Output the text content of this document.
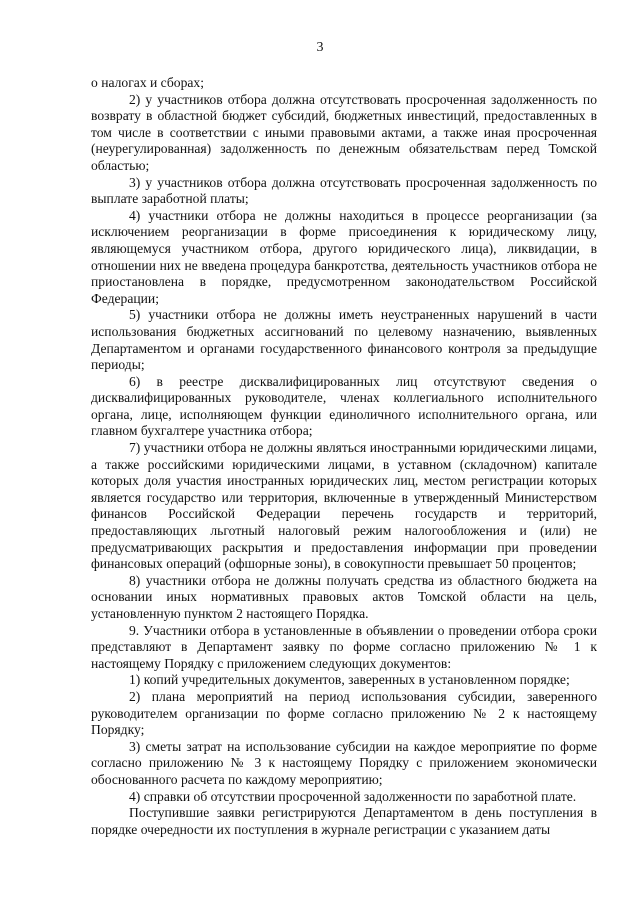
3

о налогах и сборах;

2) у участников отбора должна отсутствовать просроченная задолженность по возврату в областной бюджет субсидий, бюджетных инвестиций, предоставленных в том числе в соответствии с иными правовыми актами, а также иная просроченная (неурегулированная) задолженность по денежным обязательствам перед Томской областью;

3) у участников отбора должна отсутствовать просроченная задолженность по выплате заработной платы;

4) участники отбора не должны находиться в процессе реорганизации (за исключением реорганизации в форме присоединения к юридическому лицу, являющемуся участником отбора, другого юридического лица), ликвидации, в отношении них не введена процедура банкротства, деятельность участников отбора не приостановлена в порядке, предусмотренном законодательством Российской Федерации;

5) участники отбора не должны иметь неустраненных нарушений в части использования бюджетных ассигнований по целевому назначению, выявленных Департаментом и органами государственного финансового контроля за предыдущие периоды;

6) в реестре дисквалифицированных лиц отсутствуют сведения о дисквалифицированных руководителе, членах коллегиального исполнительного органа, лице, исполняющем функции единоличного исполнительного органа, или главном бухгалтере участника отбора;

7) участники отбора не должны являться иностранными юридическими лицами, а также российскими юридическими лицами, в уставном (складочном) капитале которых доля участия иностранных юридических лиц, местом регистрации которых является государство или территория, включенные в утвержденный Министерством финансов Российской Федерации перечень государств и территорий, предоставляющих льготный налоговый режим налогообложения и (или) не предусматривающих раскрытия и предоставления информации при проведении финансовых операций (офшорные зоны), в совокупности превышает 50 процентов;

8) участники отбора не должны получать средства из областного бюджета на основании иных нормативных правовых актов Томской области на цель, установленную пунктом 2 настоящего Порядка.

9. Участники отбора в установленные в объявлении о проведении отбора сроки представляют в Департамент заявку по форме согласно приложению № 1 к настоящему Порядку с приложением следующих документов:

1) копий учредительных документов, заверенных в установленном порядке;

2) плана мероприятий на период использования субсидии, заверенного руководителем организации по форме согласно приложению № 2 к настоящему Порядку;

3) сметы затрат на использование субсидии на каждое мероприятие по форме согласно приложению № 3 к настоящему Порядку с приложением экономически обоснованного расчета по каждому мероприятию;

4) справки об отсутствии просроченной задолженности по заработной плате.

Поступившие заявки регистрируются Департаментом в день поступления в порядке очередности их поступления в журнале регистрации с указанием даты
